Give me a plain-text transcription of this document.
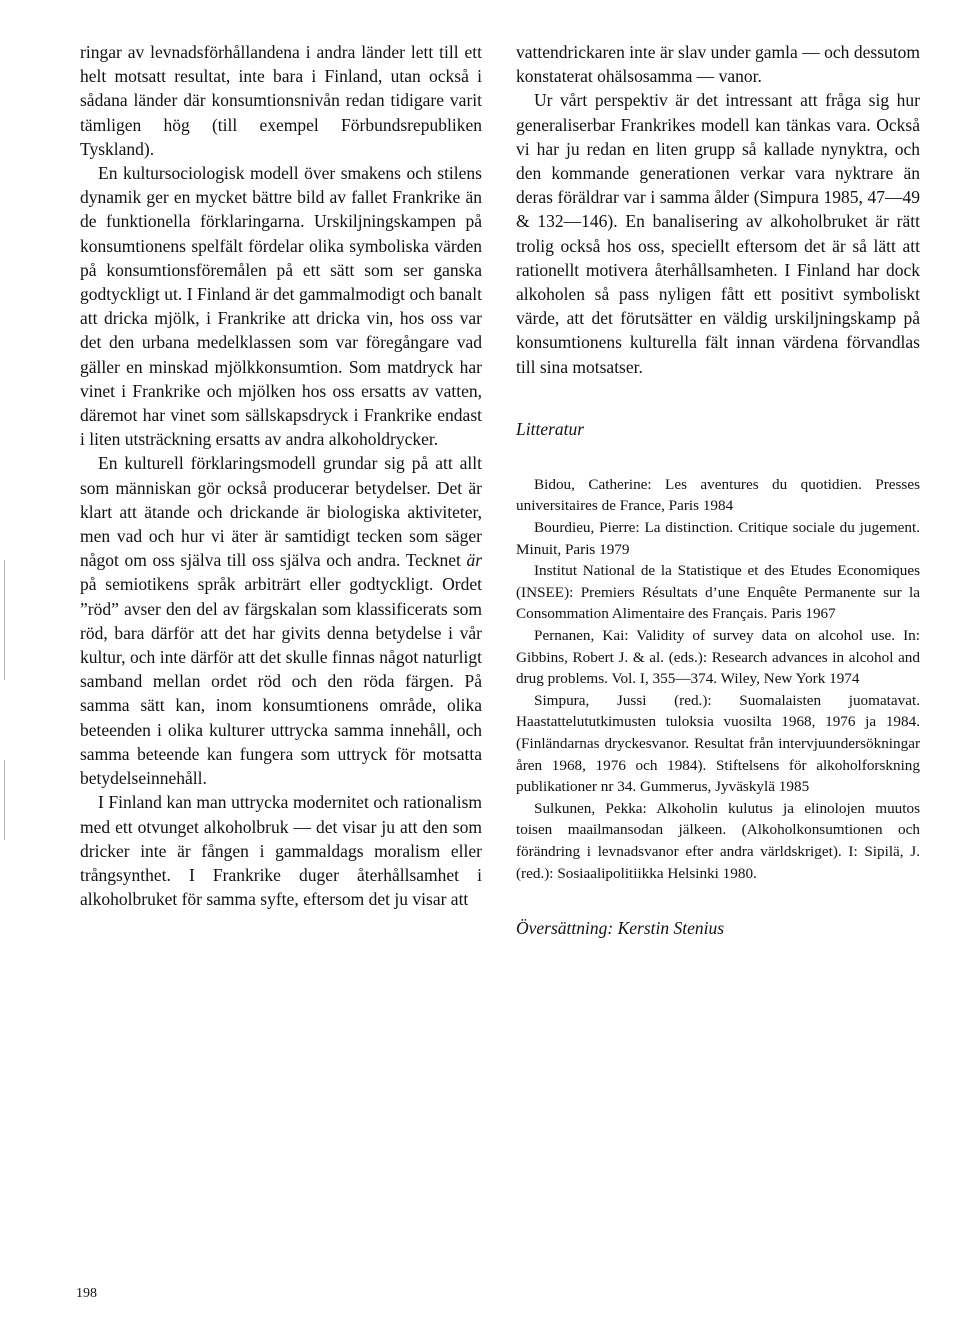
ringar av levnadsförhållandena i andra länder lett till ett helt motsatt resultat, inte bara i Finland, utan också i sådana länder där konsumtionsnivån redan tidigare varit tämligen hög (till exempel Förbundsrepubliken Tyskland).

En kultursociologisk modell över smakens och stilens dynamik ger en mycket bättre bild av fallet Frankrike än de funktionella förklaringarna. Urskiljningskampen på konsumtionens spelfält fördelar olika symboliska värden på konsumtionsföremålen på ett sätt som ser ganska godtyckligt ut. I Finland är det gammalmodigt och banalt att dricka mjölk, i Frankrike att dricka vin, hos oss var det den urbana medelklassen som var föregångare vad gäller en minskad mjölkkonsumtion. Som matdryck har vinet i Frankrike och mjölken hos oss ersatts av vatten, däremot har vinet som sällskapsdryck i Frankrike endast i liten utsträckning ersatts av andra alkoholdrycker.

En kulturell förklaringsmodell grundar sig på att allt som människan gör också producerar betydelser. Det är klart att ätande och drickande är biologiska aktiviteter, men vad och hur vi äter är samtidigt tecken som säger något om oss själva till oss själva och andra. Tecknet är på semiotikens språk arbiträrt eller godtyckligt. Ordet ”röd” avser den del av färgskalan som klassificerats som röd, bara därför att det har givits denna betydelse i vår kultur, och inte därför att det skulle finnas något naturligt samband mellan ordet röd och den röda färgen. På samma sätt kan, inom konsumtionens område, olika beteenden i olika kulturer uttrycka samma innehåll, och samma beteende kan fungera som uttryck för motsatta betydelseinnehåll.

I Finland kan man uttrycka modernitet och rationalism med ett otvunget alkoholbruk — det visar ju att den som dricker inte är fången i gammaldags moralism eller trångsynthet. I Frankrike duger återhållsamhet i alkoholbruket för samma syfte, eftersom det ju visar att

vattendrickaren inte är slav under gamla — och dessutom konstaterat ohälsosamma — vanor.

Ur vårt perspektiv är det intressant att fråga sig hur generaliserbar Frankrikes modell kan tänkas vara. Också vi har ju redan en liten grupp så kallade nynyktra, och den kommande generationen verkar vara nyktrare än deras föräldrar var i samma ålder (Simpura 1985, 47—49 & 132—146). En banalisering av alkoholbruket är rätt trolig också hos oss, speciellt eftersom det är så lätt att rationellt motivera återhållsamheten. I Finland har dock alkoholen så pass nyligen fått ett positivt symboliskt värde, att det förutsätter en väldig urskiljningskamp på konsumtionens kulturella fält innan värdena förvandlas till sina motsatser.

Litteratur

Bidou, Catherine: Les aventures du quotidien. Presses universitaires de France, Paris 1984

Bourdieu, Pierre: La distinction. Critique sociale du jugement. Minuit, Paris 1979

Institut National de la Statistique et des Etudes Economiques (INSEE): Premiers Résultats d’une Enquête Permanente sur la Consommation Alimentaire des Français. Paris 1967

Pernanen, Kai: Validity of survey data on alcohol use. In: Gibbins, Robert J. & al. (eds.): Research advances in alcohol and drug problems. Vol. I, 355—374. Wiley, New York 1974

Simpura, Jussi (red.): Suomalaisten juomatavat. Haastattelututkimusten tuloksia vuosilta 1968, 1976 ja 1984. (Finländarnas dryckesvanor. Resultat från intervjuundersökningar åren 1968, 1976 och 1984). Stiftelsens för alkoholforskning publikationer nr 34. Gummerus, Jyväskylä 1985

Sulkunen, Pekka: Alkoholin kulutus ja elinolojen muutos toisen maailmansodan jälkeen. (Alkoholkonsumtionen och förändring i levnadsvanor efter andra världskriget). I: Sipilä, J. (red.): Sosiaalipolitiikka Helsinki 1980.

Översättning: Kerstin Stenius
198
